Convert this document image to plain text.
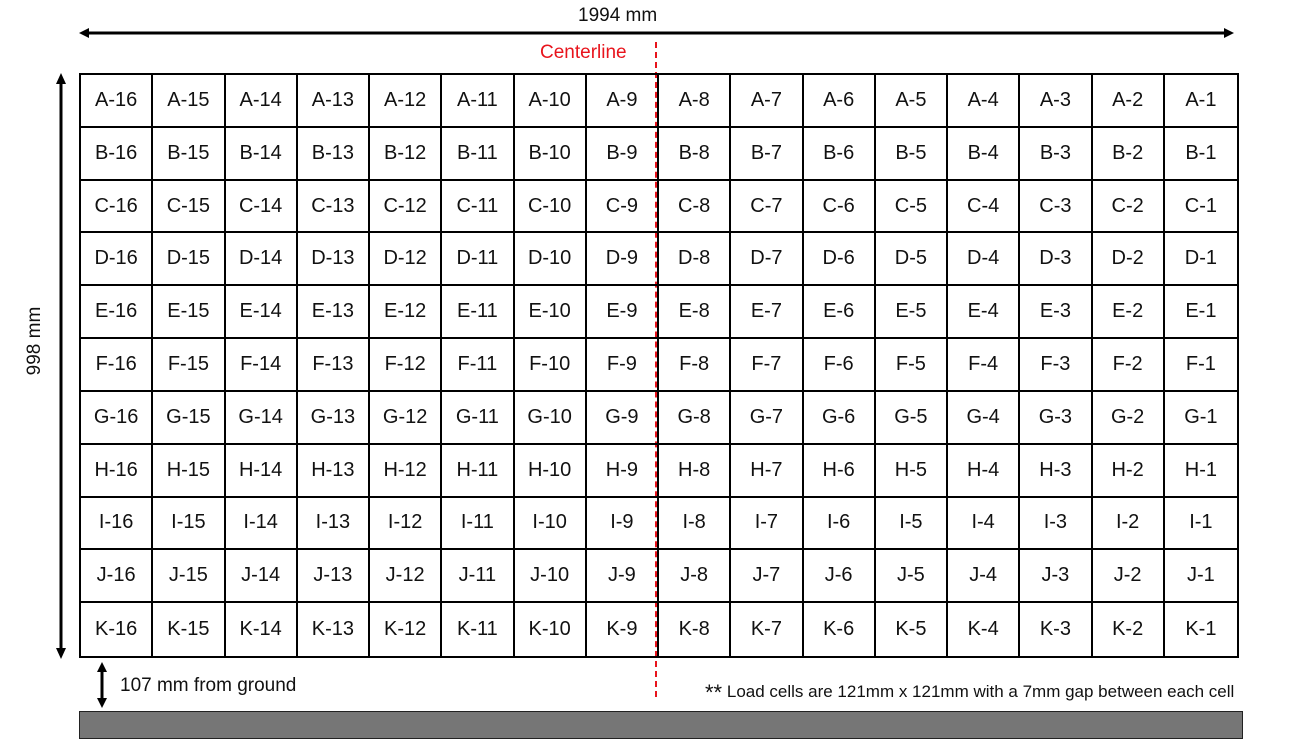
1994 mm
Centerline
998 mm
A-16	A-15	A-14	A-13	A-12	A-11	A-10	A-9	A-8	A-7	A-6	A-5	A-4	A-3	A-2	A-1
B-16	B-15	B-14	B-13	B-12	B-11	B-10	B-9	B-8	B-7	B-6	B-5	B-4	B-3	B-2	B-1
C-16	C-15	C-14	C-13	C-12	C-11	C-10	C-9	C-8	C-7	C-6	C-5	C-4	C-3	C-2	C-1
D-16	D-15	D-14	D-13	D-12	D-11	D-10	D-9	D-8	D-7	D-6	D-5	D-4	D-3	D-2	D-1
E-16	E-15	E-14	E-13	E-12	E-11	E-10	E-9	E-8	E-7	E-6	E-5	E-4	E-3	E-2	E-1
F-16	F-15	F-14	F-13	F-12	F-11	F-10	F-9	F-8	F-7	F-6	F-5	F-4	F-3	F-2	F-1
G-16	G-15	G-14	G-13	G-12	G-11	G-10	G-9	G-8	G-7	G-6	G-5	G-4	G-3	G-2	G-1
H-16	H-15	H-14	H-13	H-12	H-11	H-10	H-9	H-8	H-7	H-6	H-5	H-4	H-3	H-2	H-1
I-16	I-15	I-14	I-13	I-12	I-11	I-10	I-9	I-8	I-7	I-6	I-5	I-4	I-3	I-2	I-1
J-16	J-15	J-14	J-13	J-12	J-11	J-10	J-9	J-8	J-7	J-6	J-5	J-4	J-3	J-2	J-1
K-16	K-15	K-14	K-13	K-12	K-11	K-10	K-9	K-8	K-7	K-6	K-5	K-4	K-3	K-2	K-1
107 mm from ground	** Load cells are 121mm x 121mm with a 7mm gap between each cell
